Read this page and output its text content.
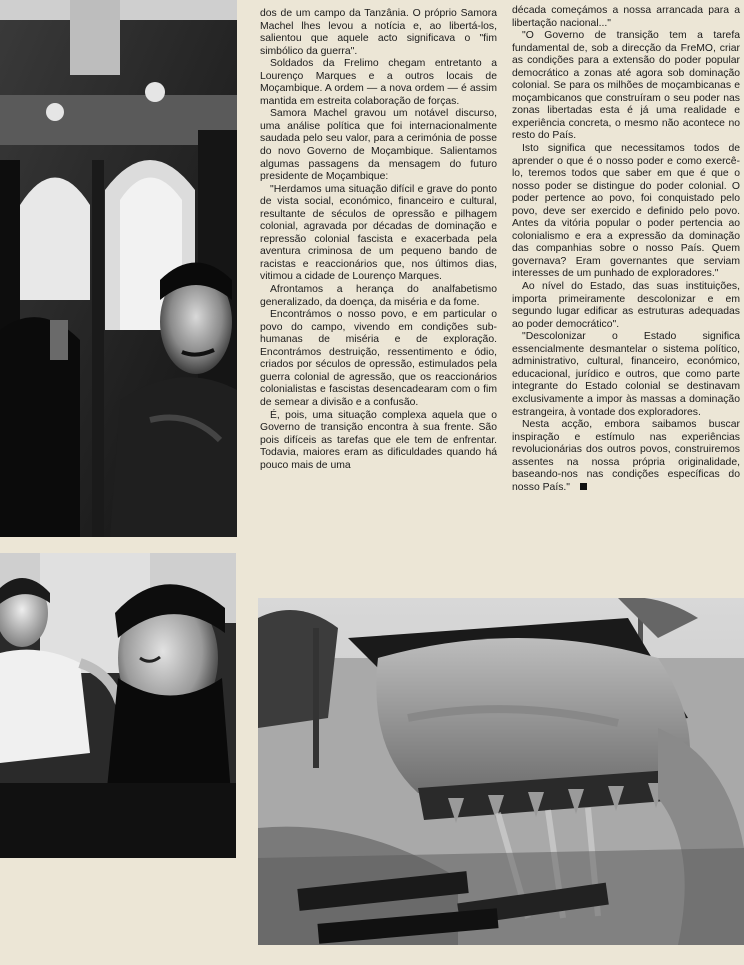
dos de um campo da Tanzânia. O próprio Samora Machel lhes levou a notícia e, ao libertá-los, salientou que aquele acto significava o "fim simbólico da guerra".

Soldados da Frelimo chegam entretanto a Lourenço Marques e a outros locais de Moçambique. A ordem — a nova ordem — é assim mantida em estreita colaboração de forças.

Samora Machel gravou um notável discurso, uma análise política que foi internacionalmente saudada pelo seu valor, para a cerimónia de posse do novo Governo de Moçambique. Salientamos algumas passagens da mensagem do futuro presidente de Moçambique:

"Herdamos uma situação difícil e grave do ponto de vista social, económico, financeiro e cultural, resultante de séculos de opressão e pilhagem colonial, agravada por décadas de dominação e repressão colonial fascista e exacerbada pela aventura criminosa de um pequeno bando de racistas e reaccionários que, nos últimos dias, vitimou a cidade de Lourenço Marques.

Afrontamos a herança do analfabetismo generalizado, da doença, da miséria e da fome.

Encontrámos o nosso povo, e em particular o povo do campo, vivendo em condições sub-humanas de miséria e de exploração. Encontrámos destruição, ressentimento e ódio, criados por séculos de opressão, estimulados pela guerra colonial de agressão, que os reaccionários colonialistas e fascistas desencadearam com o fim de semear a divisão e a confusão.

É, pois, uma situação complexa aquela que o Governo de transição encontra à sua frente. São pois difíceis as tarefas que ele tem de enfrentar. Todavia, maiores eram as dificuldades quando há pouco mais de uma

década começámos a nossa arrancada para a libertação nacional..."

"O Governo de transição tem a tarefa fundamental de, sob a direcção da FreMO, criar as condições para a extensão do poder popular democrático a zonas até agora sob dominação colonial. Se para os milhões de moçambicanas e moçambicanos que construíram o seu poder nas zonas libertadas esta é já uma realidade e experiência concreta, o mesmo não acontece no resto do País.

Isto significa que necessitamos todos de aprender o que é o nosso poder e como exercê-lo, teremos todos que saber em que é que o nosso poder se distingue do poder colonial. O poder pertence ao povo, foi conquistado pelo povo, deve ser exercido e definido pelo povo. Antes da vitória popular o poder pertencia ao colonialismo e era a expressão da dominação das companhias sobre o nosso País. Quem governava? Eram governantes que serviam interesses de um punhado de exploradores."

Ao nível do Estado, das suas instituições, importa primeiramente descolonizar e em segundo lugar edificar as estruturas adequadas ao poder democrático".

"Descolonizar o Estado significa essencialmente desmantelar o sistema político, administrativo, cultural, financeiro, económico, educacional, jurídico e outros, que como parte integrante do Estado colonial se destinavam exclusivamente a impor às massas a dominação estrangeira, à vontade dos exploradores.

Nesta acção, embora saibamos buscar inspiração e estímulo nas experiências revolucionárias dos outros povos, construiremos assentes na nossa própria originalidade, baseando-nos nas condições específicas do nosso País."
